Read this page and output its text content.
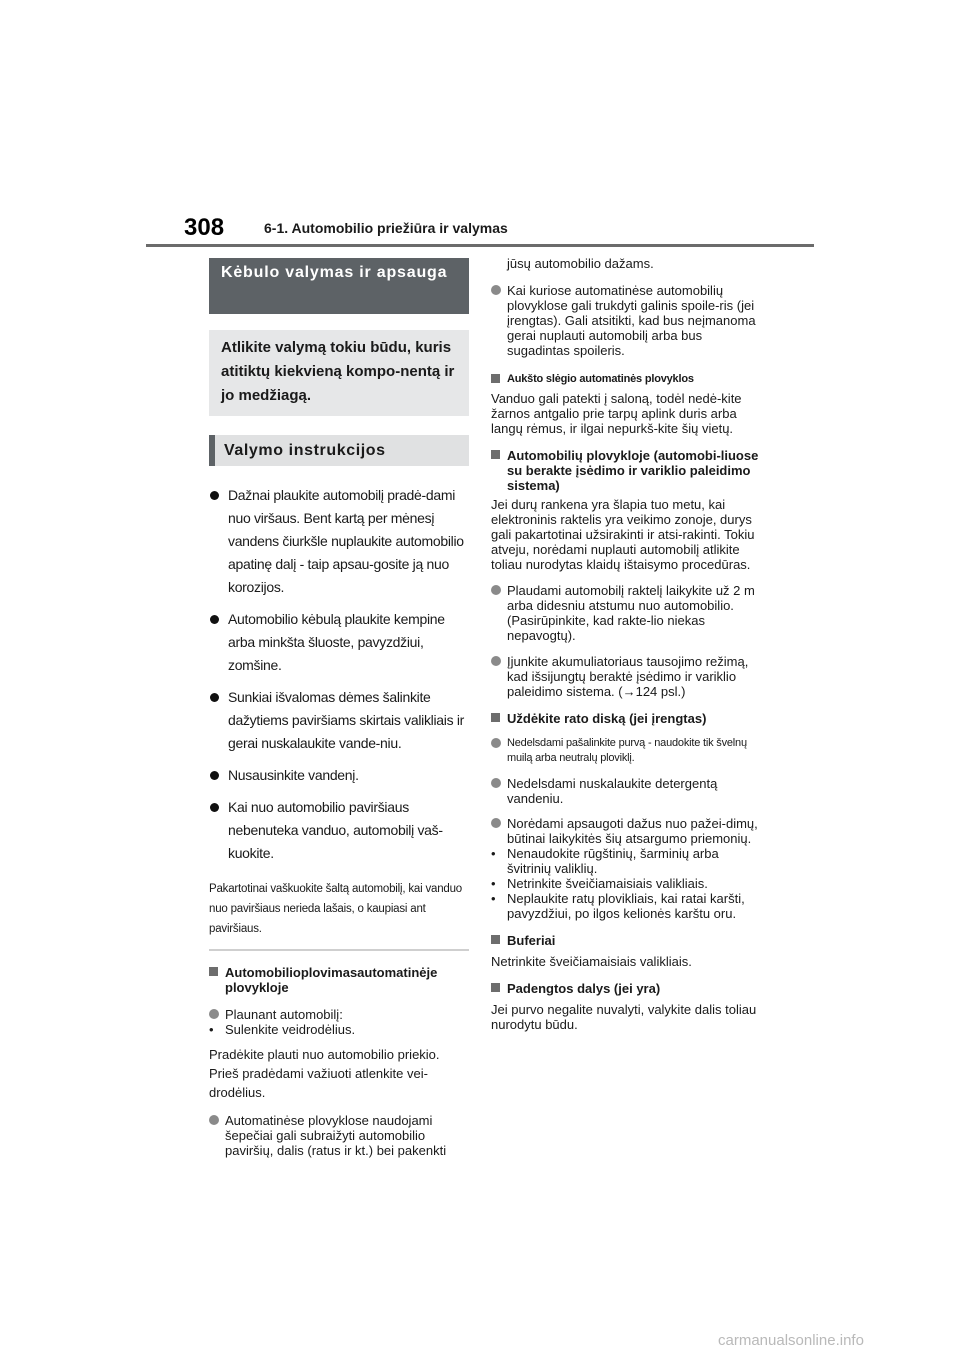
308	6-1. Automobilio priežiūra ir valymas
Kėbulo valymas ir apsauga
Atlikite valymą tokiu būdu, kuris atitiktų kiekvieną kompo-nentą ir jo medžiagą.
Valymo instrukcijos
Dažnai plaukite automobilį pradė-dami nuo viršaus. Bent kartą per mėnesį vandens čiurkšle nuplaukite automobilio apatinę dalį - taip apsau-gosite ją nuo korozijos.
Automobilio kėbulą plaukite kempine arba minkšta šluoste, pavyzdžiui, zomšine.
Sunkiai išvalomas dėmes šalinkite dažytiems paviršiams skirtais valikliais ir gerai nuskalaukite vande-niu.
Nusausinkite vandenį.
Kai nuo automobilio paviršiaus nebenuteka vanduo, automobilį vaš-kuokite.
Pakartotinai vaškuokite šaltą automobilį, kai vanduo nuo paviršiaus nerieda lašais, o kaupiasi ant paviršiaus.
Automobilioplovimasautomatinėje plovykloje
Plaunant automobilį:
• Sulenkite veidrodėlius.
Pradėkite plauti nuo automobilio priekio. Prieš pradėdami važiuoti atlenkite vei-drodėlius.
Automatinėse plovyklose naudojami šepečiai gali subraižyti automobilio paviršių, dalis (ratus ir kt.) bei pakenkti
jūsų automobilio dažams.
Kai kuriose automatinėse automobilių plovyklose gali trukdyti galinis spoile-ris (jei įrengtas). Gali atsitikti, kad bus neįmanoma gerai nuplauti automobilį arba bus sugadintas spoileris.
Aukšto slėgio automatinės plovyklos
Vanduo gali patekti į saloną, todėl nedė-kite žarnos antgalio prie tarpų aplink duris arba langų rėmus, ir ilgai nepurkš-kite šių vietų.
Automobilių plovykloje (automobi-liuose su berakte įsėdimo ir variklio paleidimo sistema)
Jei durų rankena yra šlapia tuo metu, kai elektroninis raktelis yra veikimo zonoje, durys gali pakartotinai užsirakinti ir atsi-rakinti. Tokiu atveju, norėdami nuplauti automobilį atlikite toliau nurodytas klaidų ištaisymo procedūras.
Plaudami automobilį raktelį laikykite už 2 m arba didesniu atstumu nuo automobilio. (Pasirūpinkite, kad rakte-lio niekas nepavogtų).
Įjunkite akumuliatoriaus tausojimo režimą, kad išsijungtų beraktė įsėdimo ir variklio paleidimo sistema. (→124 psl.)
Uždėkite rato diską (jei įrengtas)
Nedelsdami pašalinkite purvą - naudokite tik švelnų muilą arba neutralų ploviklį.
Nedelsdami nuskalaukite detergentą vandeniu.
Norėdami apsaugoti dažus nuo pažei-dimų, būtinai laikykitės šių atsargumo priemonių.
• Nenaudokite rūgštinių, šarminių arba švitrinių valiklių.
• Netrinkite šveičiamaisiais valikliais.
• Neplaukite ratų plovikliais, kai ratai karšti, pavyzdžiui, po ilgos kelionės karštu oru.
Buferiai
Netrinkite šveičiamaisiais valikliais.
Padengtos dalys (jei yra)
Jei purvo negalite nuvalyti, valykite dalis toliau nurodytu būdu.
carmanualsonline.info
